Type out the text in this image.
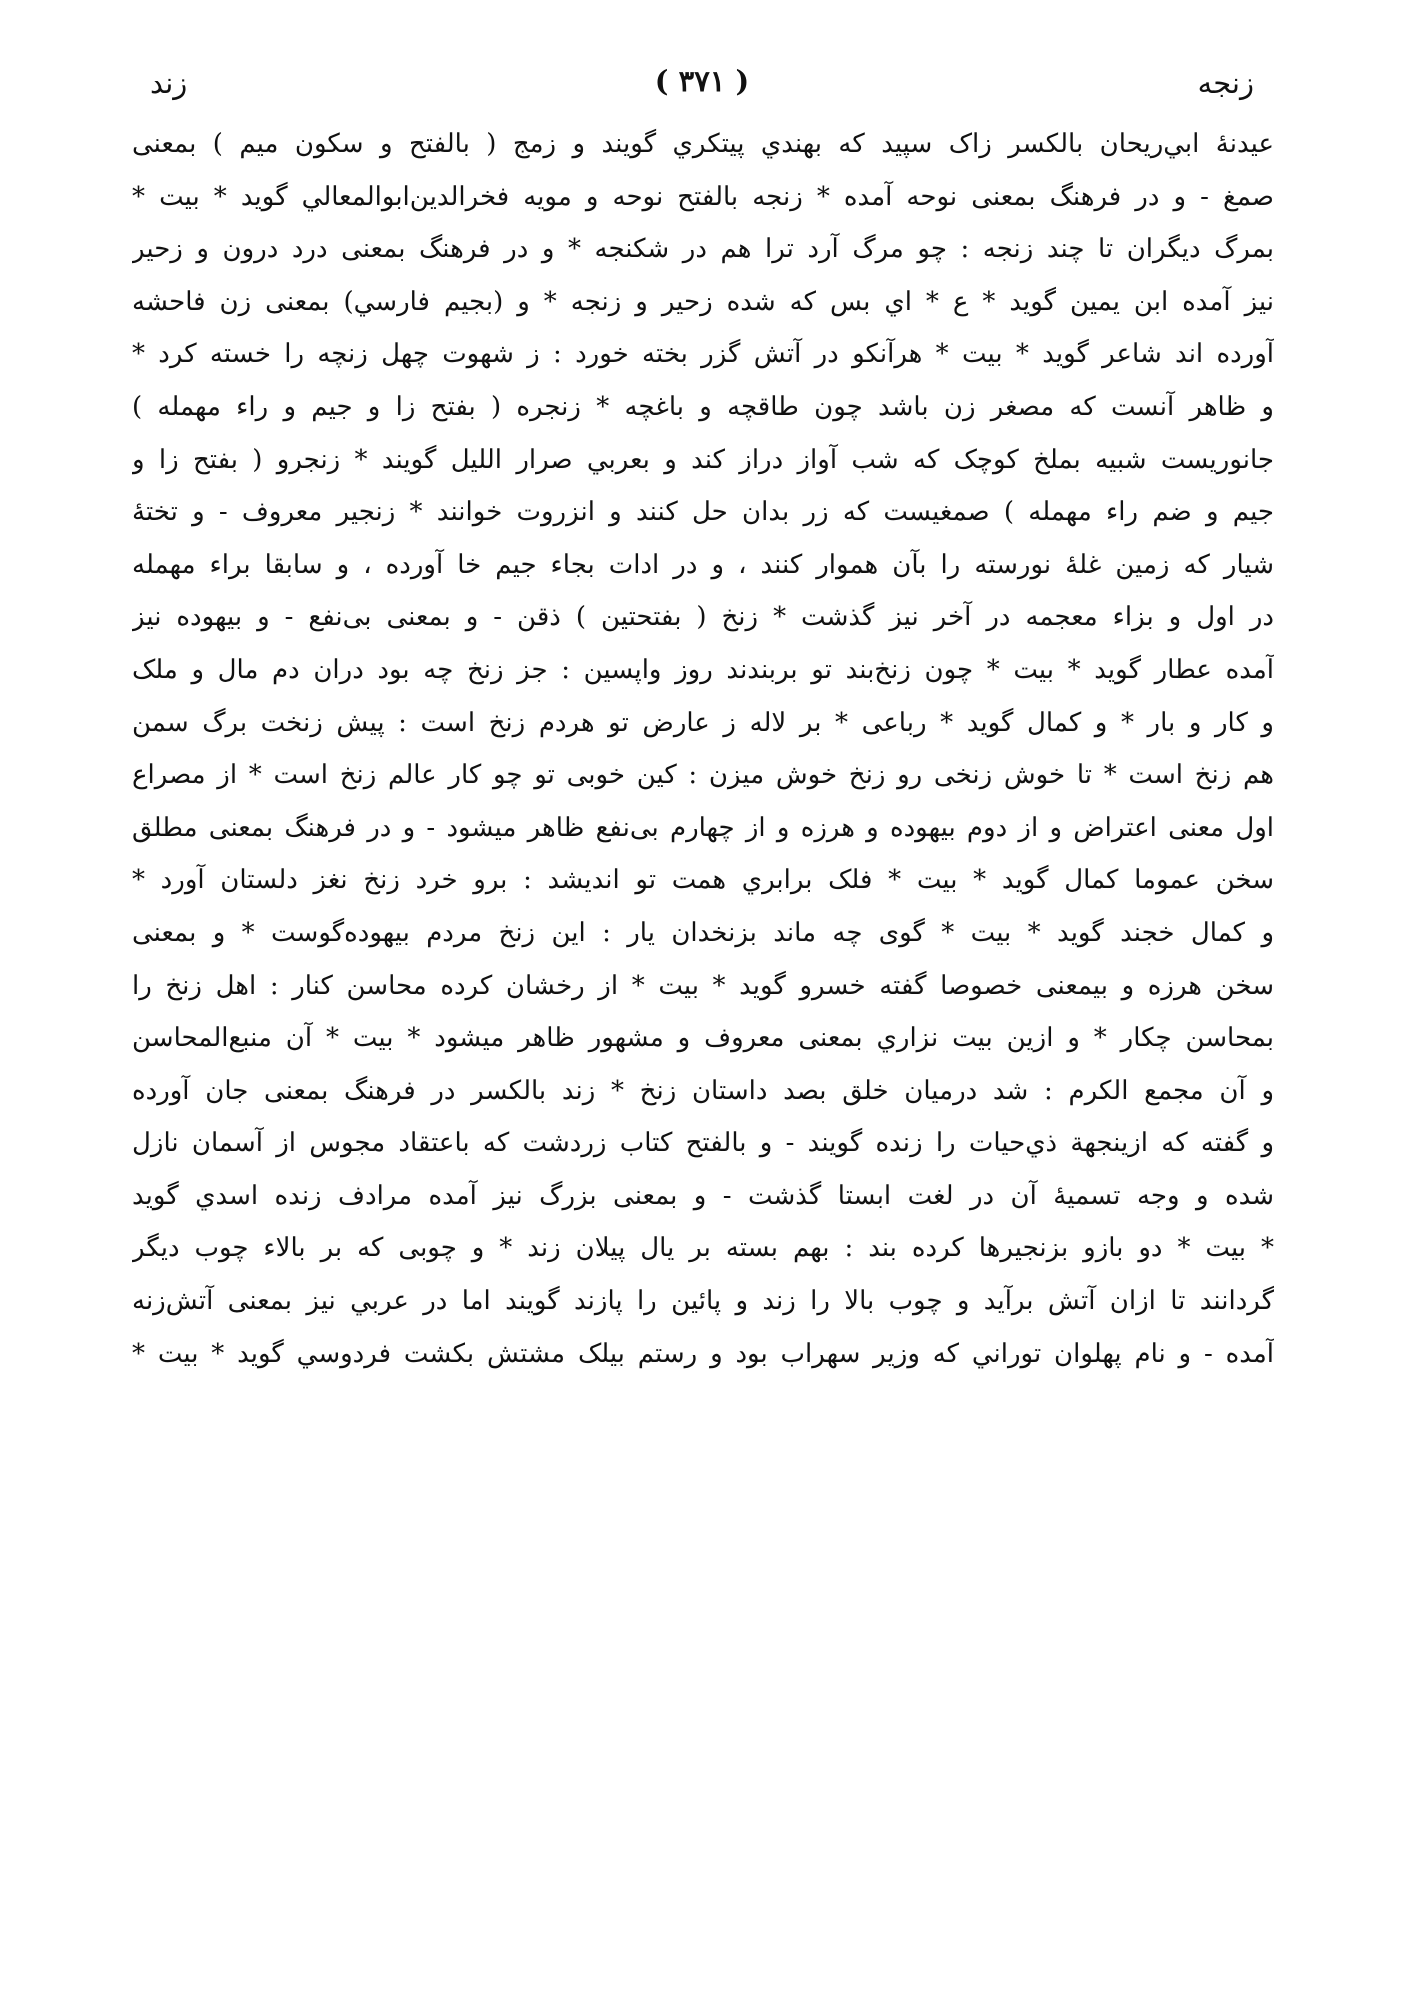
زند	( ۳۷۱ )	زنجه
عیدنهٔ ابي‌ریحان بالکسر زاک سپید که بهندي پیتکري گویند و زمج ( بالفتح و سکون میم ) بمعنی
صمغ - و در فرهنگ بمعنی نوحه آمده * زنجه بالفتح نوحه و مویه فخرالدین‌ابوالمعالي گوید * بیت *
بمرگ دیگران تا چند زنجه : چو مرگ آرد ترا هم در شکنجه * و در فرهنگ بمعنی درد درون و زحیر
نیز آمده ابن یمین گوید * ع * اي بس که شده زحیر و زنجه * و (بجیم فارسي) بمعنی زن فاحشه
آورده اند شاعر گوید * بیت * هرآنکو در آتش گزر بخته خورد : ز شهوت چهل زنچه را خسته کرد *
و ظاهر آنست که مصغر زن باشد چون طاقچه و باغچه * زنجره ( بفتح زا و جیم و راء مهمله )
جانوریست شبیه بملخ کوچک که شب آواز دراز کند و بعربي صرار اللیل گویند * زنجرو ( بفتح زا و
جیم و ضم راء مهمله ) صمغیست که زر بدان حل کنند و انزروت خوانند * زنجیر معروف - و تختهٔ
شیار که زمین غلهٔ نورسته را بآن هموار کنند ، و در ادات بجاء جیم خا آورده ، و سابقا براء مهمله
در اول و بزاء معجمه در آخر نیز گذشت * زنخ ( بفتحتین ) ذقن - و بمعنی بی‌نفع - و بیهوده نیز
آمده عطار گوید * بیت * چون زنخ‌بند تو بربندند روز واپسین : جز زنخ چه بود دران دم مال و ملک
و کار و بار * و کمال گوید * رباعی * بر لاله ز عارض تو هردم زنخ است : پیش زنخت برگ سمن
هم زنخ است * تا خوش زنخی رو زنخ خوش میزن : کین خوبی تو چو کار عالم زنخ است * از مصراع
اول معنی اعتراض و از دوم بیهوده و هرزه و از چهارم بی‌نفع ظاهر میشود - و در فرهنگ بمعنی مطلق
سخن عموما کمال گوید * بیت * فلک برابري همت تو اندیشد : برو خرد زنخ نغز دلستان آورد *
و کمال خجند گوید * بیت * گوی چه ماند بزنخدان یار : این زنخ مردم بیهوده‌گوست * و بمعنی
سخن هرزه و بیمعنی خصوصا گفته خسرو گوید * بیت * از رخشان کرده محاسن کنار : اهل زنخ را
بمحاسن چکار * و ازین بیت نزاري بمعنی معروف و مشهور ظاهر میشود * بیت * آن منبع‌المحاسن
و آن مجمع الکرم : شد درمیان خلق بصد داستان زنخ * زند بالکسر در فرهنگ بمعنی جان آورده
و گفته که ازینجهة ذي‌حیات را زنده گویند - و بالفتح کتاب زردشت که باعتقاد مجوس از آسمان نازل
شده و وجه تسمیهٔ آن در لغت ابستا گذشت - و بمعنی بزرگ نیز آمده مرادف زنده اسدي گوید
* بیت * دو بازو بزنجیرها کرده بند : بهم بسته بر یال پیلان زند * و چوبی که بر بالاء چوب دیگر
گردانند تا ازان آتش برآید و چوب بالا را زند و پائین را پازند گویند اما در عربي نیز بمعنی آتش‌زنه
آمده - و نام پهلوان توراني که وزیر سهراب بود و رستم بیلک مشتش بکشت فردوسي گوید * بیت *
